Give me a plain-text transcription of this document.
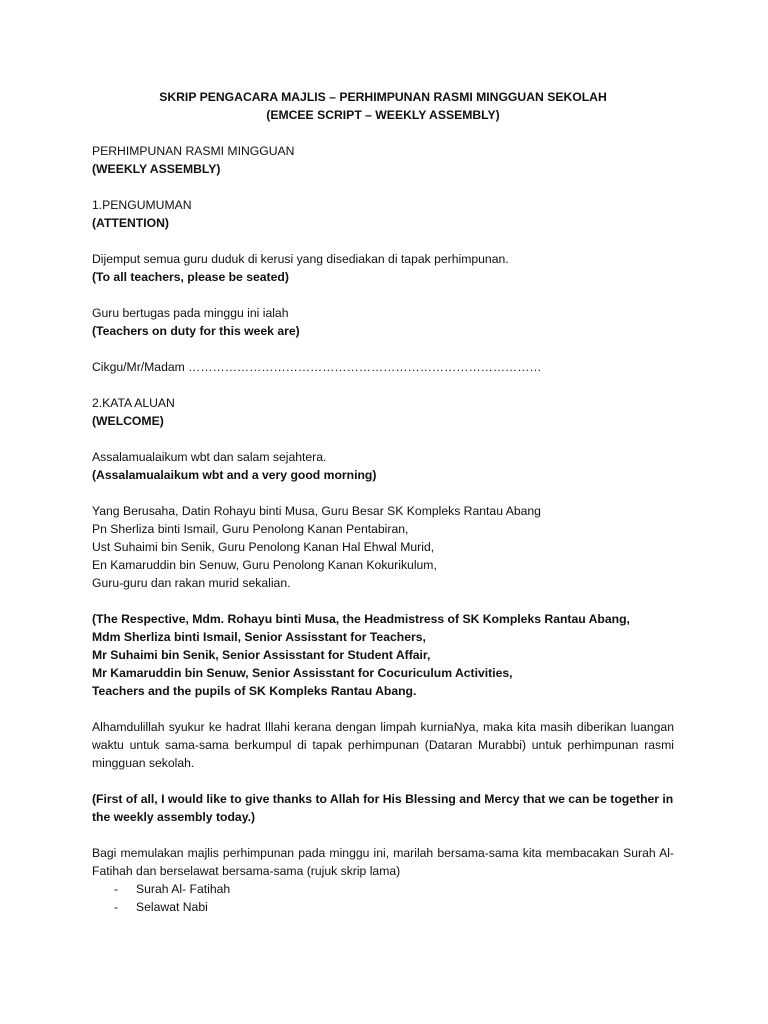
SKRIP PENGACARA MAJLIS – PERHIMPUNAN RASMI MINGGUAN SEKOLAH
(EMCEE SCRIPT – WEEKLY ASSEMBLY)
PERHIMPUNAN RASMI MINGGUAN
(WEEKLY ASSEMBLY)
1.PENGUMUMAN
(ATTENTION)
Dijemput semua guru duduk di kerusi yang disediakan di tapak perhimpunan.
(To all teachers, please be seated)
Guru bertugas pada minggu ini ialah
(Teachers on duty for this week are)
Cikgu/Mr/Madam ……………………………………………………………………………
2.KATA ALUAN
(WELCOME)
Assalamualaikum wbt dan salam sejahtera.
(Assalamualaikum wbt and a very good morning)
Yang Berusaha, Datin Rohayu binti Musa, Guru Besar SK Kompleks Rantau Abang
Pn Sherliza binti Ismail, Guru Penolong Kanan Pentabiran,
Ust Suhaimi bin Senik, Guru Penolong Kanan Hal Ehwal Murid,
En Kamaruddin bin Senuw, Guru Penolong Kanan Kokurikulum,
Guru-guru dan rakan murid sekalian.
(The Respective, Mdm. Rohayu binti Musa, the Headmistress of SK Kompleks Rantau Abang,
Mdm Sherliza binti Ismail, Senior Assisstant for Teachers,
Mr Suhaimi bin Senik, Senior Assisstant for Student Affair,
Mr Kamaruddin bin Senuw, Senior Assisstant for Cocuriculum Activities,
Teachers and the pupils of SK Kompleks Rantau Abang.
Alhamdulillah syukur ke hadrat Illahi kerana dengan limpah kurniaNya, maka kita masih diberikan luangan waktu untuk sama-sama berkumpul di tapak perhimpunan (Dataran Murabbi) untuk perhimpunan rasmi mingguan sekolah.
(First of all, I would like to give thanks to Allah for His Blessing and Mercy that we can be together in the weekly assembly today.)
Bagi memulakan majlis perhimpunan pada minggu ini, marilah bersama-sama kita membacakan Surah Al- Fatihah dan berselawat bersama-sama (rujuk skrip lama)
-	Surah Al- Fatihah
-	Selawat Nabi
